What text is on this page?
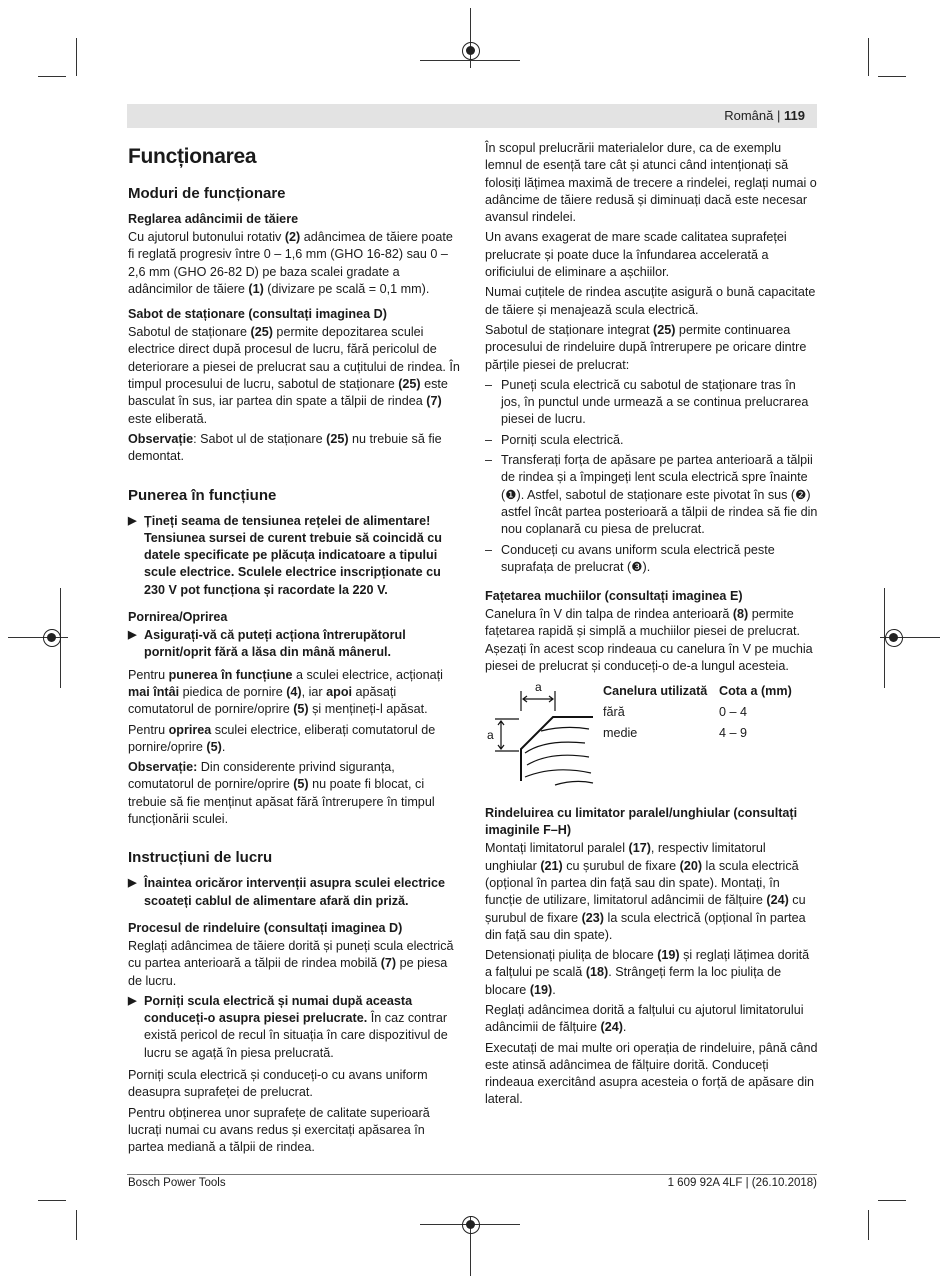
Română | 119
Funcționarea
Moduri de funcționare
Reglarea adâncimii de tăiere

Cu ajutorul butonului rotativ (2) adâncimea de tăiere poate fi reglată progresiv între 0 – 1,6 mm (GHO 16-82) sau 0 – 2,6 mm (GHO 26-82 D) pe baza scalei gradate a adâncimilor de tăiere (1) (divizare pe scală = 0,1 mm).

Sabot de staționare (consultați imaginea D)

Sabotul de staționare (25) permite depozitarea sculei electrice direct după procesul de lucru, fără pericolul de deteriorare a piesei de prelucrat sau a cuțitului de rindea. În timpul procesului de lucru, sabotul de staționare (25) este basculat în sus, iar partea din spate a tălpii de rindea (7) este eliberată.

Observație: Sabot ul de staționare (25) nu trebuie să fie demontat.

Punerea în funcțiune
▶ Țineți seama de tensiunea rețelei de alimentare! Tensiunea sursei de curent trebuie să coincidă cu datele specificate pe plăcuța indicatoare a tipului scule electrice. Sculele electrice inscripționate cu 230 V pot funcționa și racordate la 220 V.
Pornirea/Oprirea
▶ Asigurați-vă că puteți acționa întrerupătorul pornit/oprit fără a lăsa din mână mânerul.

Pentru punerea în funcțiune a sculei electrice, acționați mai întâi piedica de pornire (4), iar apoi apăsați comutatorul de pornire/oprire (5) și mențineți-l apăsat.

Pentru oprirea sculei electrice, eliberați comutatorul de pornire/oprire (5).

Observație: Din considerente privind siguranța, comutatorul de pornire/oprire (5) nu poate fi blocat, ci trebuie să fie menținut apăsat fără întrerupere în timpul funcționării sculei.

Instrucțiuni de lucru
▶ Înaintea oricăror intervenții asupra sculei electrice scoateți cablul de alimentare afară din priză.
Procesul de rindeluire (consultați imaginea D)

Reglați adâncimea de tăiere dorită și puneți scula electrică cu partea anterioară a tălpii de rindea mobilă (7) pe piesa de lucru.

▶ Porniți scula electrică și numai după aceasta conduceți-o asupra piesei prelucrate. În caz contrar există pericol de recul în situația în care dispozitivul de lucru se agață în piesa prelucrată.

Porniți scula electrică și conduceți-o cu avans uniform deasupra suprafeței de prelucrat.

Pentru obținerea unor suprafețe de calitate superioară lucrați numai cu avans redus și exercitați apăsarea în partea mediană a tălpii de rindea.

În scopul prelucrării materialelor dure, ca de exemplu lemnul de esență tare cât și atunci când intenționați să folosiți lățimea maximă de trecere a rindelei, reglați numai o adâncime de tăiere redusă și diminuați dacă este necesar avansul rindelei.

Un avans exagerat de mare scade calitatea suprafeței prelucrate și poate duce la înfundarea accelerată a orificiului de eliminare a așchiilor.

Numai cuțitele de rindea ascuțite asigură o bună capacitate de tăiere și menajează scula electrică.

Sabotul de staționare integrat (25) permite continuarea procesului de rindeluire după întrerupere pe oricare dintre părțile piesei de prelucrat:

– Puneți scula electrică cu sabotul de staționare tras în jos, în punctul unde urmează a se continua prelucrarea piesei de lucru.
– Porniți scula electrică.
– Transferați forța de apăsare pe partea anterioară a tălpii de rindea și a împingeți lent scula electrică spre înainte (❶). Astfel, sabotul de staționare este pivotat în sus (❷) astfel încât partea posterioară a tălpii de rindea să fie din nou coplanară cu piesa de prelucrat.
– Conduceți cu avans uniform scula electrică peste suprafața de prelucrat (❸).
Fațetarea muchiilor (consultați imaginea E)

Canelura în V din talpa de rindea anterioară (8) permite fațetarea rapidă și simplă a muchiilor piesei de prelucrat. Așezați în acest scop rindeaua cu canelura în V pe muchia piesei de prelucrat și conduceți-o de-a lungul acesteia.

a
a
Canelura utilizată Cota a (mm)
fără	0 – 4
medie	4 – 9
Rindeluirea cu limitator paralel/unghiular (consultați imaginile F–H)

Montați limitatorul paralel (17), respectiv limitatorul unghiular (21) cu șurubul de fixare (20) la scula electrică (opțional în partea din față sau din spate). Montați, în funcție de utilizare, limitatorul adâncimii de fălțuire (24) cu șurubul de fixare (23) la scula electrică (opțional în partea din față sau din spate).

Detensionați piulița de blocare (19) și reglați lățimea dorită a falțului pe scală (18). Strângeți ferm la loc piulița de blocare (19).

Reglați adâncimea dorită a falțului cu ajutorul limitatorului adâncimii de fălțuire (24).

Executați de mai multe ori operația de rindeluire, până când este atinsă adâncimea de fălțuire dorită. Conduceți rindeaua exercitând asupra acesteia o forță de apăsare din lateral.

Bosch Power Tools	1 609 92A 4LF | (26.10.2018)
